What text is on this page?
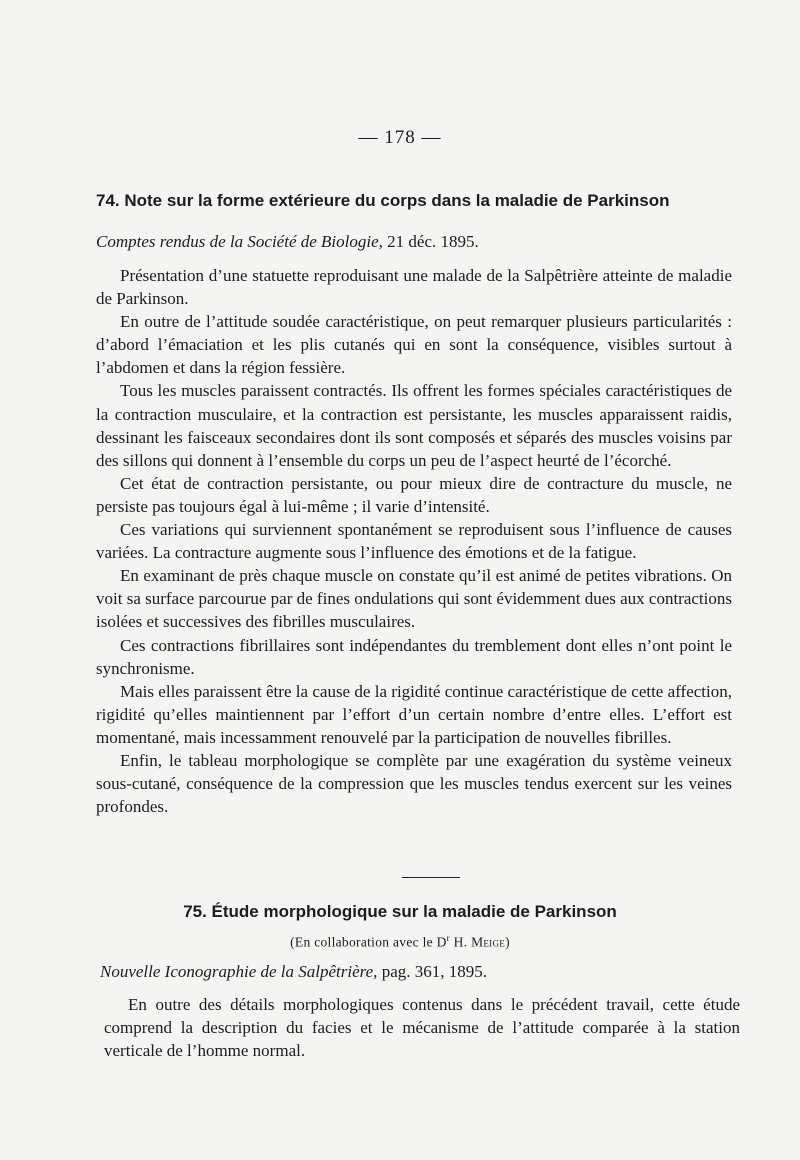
— 178 —
74. Note sur la forme extérieure du corps dans la maladie de Parkinson
Comptes rendus de la Société de Biologie, 21 déc. 1895.

Présentation d’une statuette reproduisant une malade de la Salpêtrière atteinte de maladie de Parkinson.

En outre de l’attitude soudée caractéristique, on peut remarquer plusieurs particularités : d’abord l’émaciation et les plis cutanés qui en sont la conséquence, visibles surtout à l’abdomen et dans la région fessière.

Tous les muscles paraissent contractés. Ils offrent les formes spéciales caractéristiques de la contraction musculaire, et la contraction est persistante, les muscles apparaissent raidis, dessinant les faisceaux secondaires dont ils sont composés et séparés des muscles voisins par des sillons qui donnent à l’ensemble du corps un peu de l’aspect heurté de l’écorché.

Cet état de contraction persistante, ou pour mieux dire de contracture du muscle, ne persiste pas toujours égal à lui-même ; il varie d’intensité.

Ces variations qui surviennent spontanément se reproduisent sous l’influence de causes variées. La contracture augmente sous l’influence des émotions et de la fatigue.

En examinant de près chaque muscle on constate qu’il est animé de petites vibrations. On voit sa surface parcourue par de fines ondulations qui sont évidemment dues aux contractions isolées et successives des fibrilles musculaires.

Ces contractions fibrillaires sont indépendantes du tremblement dont elles n’ont point le synchronisme.

Mais elles paraissent être la cause de la rigidité continue caractéristique de cette affection, rigidité qu’elles maintiennent par l’effort d’un certain nombre d’entre elles. L’effort est momentané, mais incessamment renouvelé par la participation de nouvelles fibrilles.

Enfin, le tableau morphologique se complète par une exagération du système veineux sous-cutané, conséquence de la compression que les muscles tendus exercent sur les veines profondes.

75. Étude morphologique sur la maladie de Parkinson
(En collaboration avec le $D^r$ H. Meige)
Nouvelle Iconographie de la Salpêtrière, pag. 361, 1895.

En outre des détails morphologiques contenus dans le précédent travail, cette étude comprend la description du facies et le mécanisme de l’attitude comparée à la station verticale de l’homme normal.
